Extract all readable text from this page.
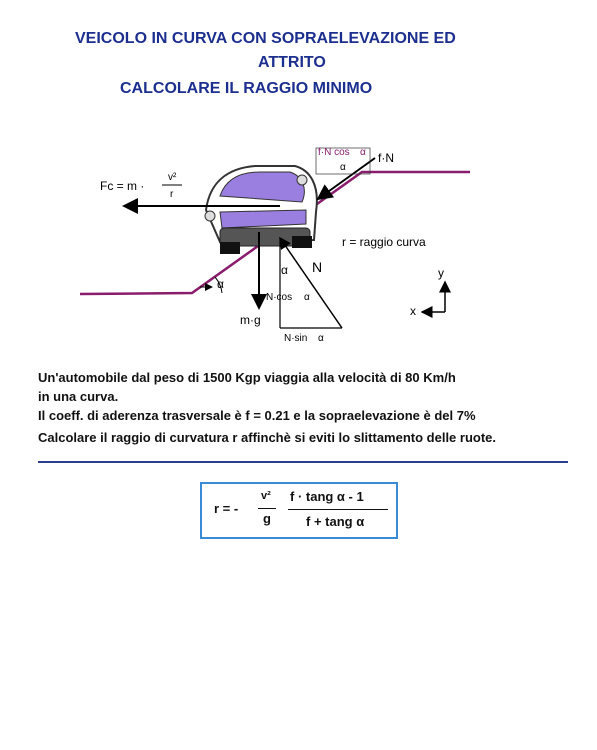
VEICOLO IN CURVA CON SOPRAELEVAZIONE ED
ATTRITO
CALCOLARE IL RAGGIO MINIMO
Fc = m ·
v²
r
f·N
f·N cos α
α
m·g
N
α
N·cos α
N·sin α
α
r = raggio curva
y
x
Un'automobile dal peso di 1500 Kgp viaggia alla velocità di 80 Km/h
in una curva.
Il coeff. di aderenza trasversale è f = 0.21 e la sopraelevazione è del 7%
Calcolare il raggio di curvatura r affinchè si eviti lo slittamento delle ruote.
r = -
v²
g
f · tang α - 1
f + tang α
